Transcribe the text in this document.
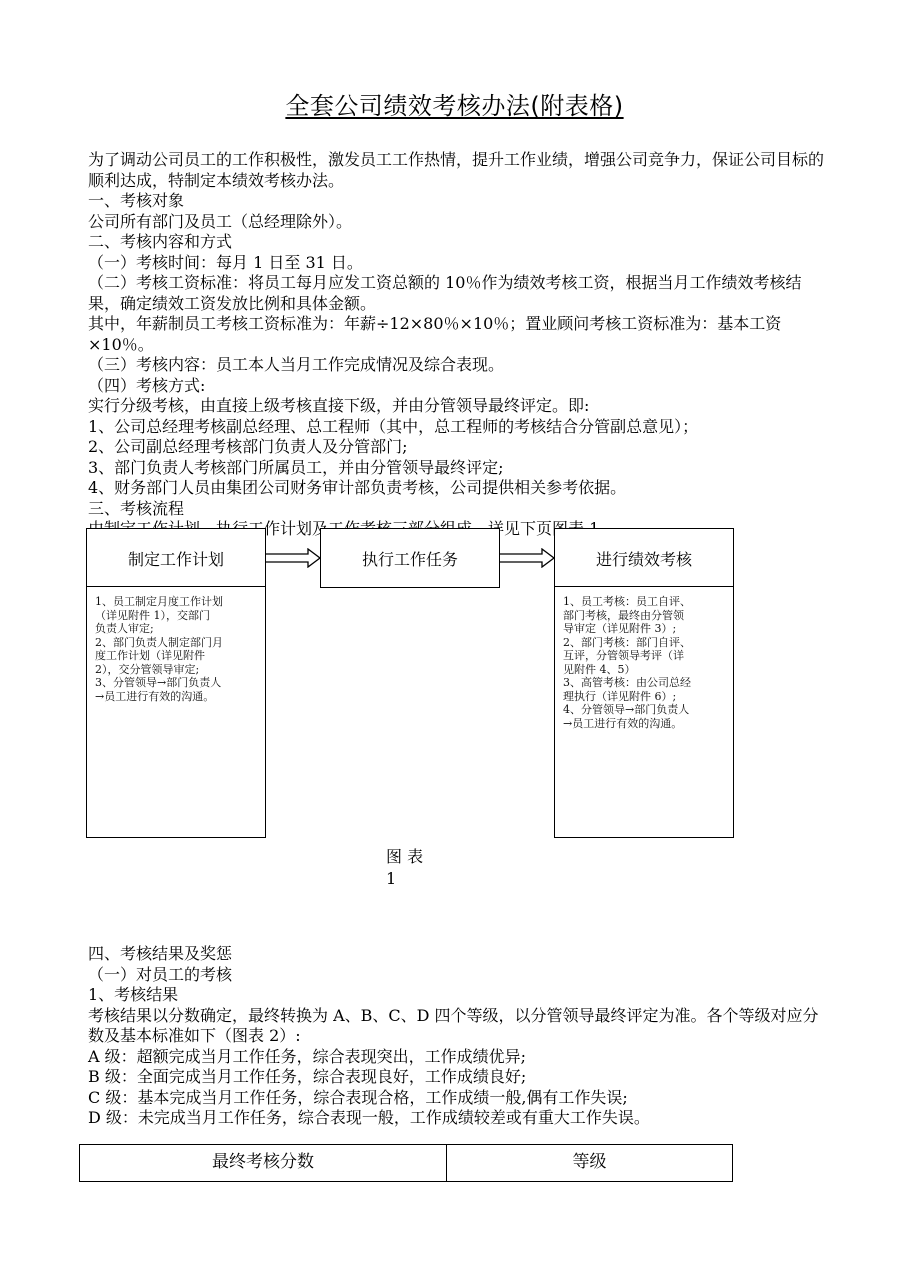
全套公司绩效考核办法(附表格)

为了调动公司员工的工作积极性，激发员工工作热情，提升工作业绩，增强公司竞争力，保证公司目标的顺利达成，特制定本绩效考核办法。

一、考核对象

公司所有部门及员工（总经理除外）。

二、考核内容和方式

（一）考核时间：每月 1 日至 31 日。

（二）考核工资标准：将员工每月应发工资总额的 10％作为绩效考核工资，根据当月工作绩效考核结果，确定绩效工资发放比例和具体金额。

其中，年薪制员工考核工资标准为：年薪÷12×80％×10％；置业顾问考核工资标准为：基本工资×10％。

（三）考核内容：员工本人当月工作完成情况及综合表现。

（四）考核方式:

实行分级考核，由直接上级考核直接下级，并由分管领导最终评定。即:

1、公司总经理考核副总经理、总工程师（其中，总工程师的考核结合分管副总意见）；

2、公司副总经理考核部门负责人及分管部门;

3、部门负责人考核部门所属员工，并由分管领导最终评定;

4、财务部门人员由集团公司财务审计部负责考核，公司提供相关参考依据。

三、考核流程

制定工作计划

1、员工制定月度工作计划

（详见附件 1），交部门

负责人审定;

2、部门负责人制定部门月

度工作计划（详见附件

2），交分管领导审定;

3、分管领导→部门负责人

→员工进行有效的沟通。

执行工作任务	进行绩效考核

1、员工考核：员工自评、

部门考核，最终由分管领

导审定（详见附件 3）;

2、部门考核：部门自评、

互评，分管领导考评（详

见附件 4、5）

3、高管考核：由公司总经

理执行（详见附件 6）;

4、分管领导→部门负责人

→员工进行有效的沟通。

图 表
1

四、考核结果及奖惩

（一）对员工的考核

1、考核结果

考核结果以分数确定，最终转换为 A、B、C、D 四个等级，以分管领导最终评定为准。各个等级对应分数及基本标准如下（图表 2）:

A 级：超额完成当月工作任务，综合表现突出，工作成绩优异;

B 级：全面完成当月工作任务，综合表现良好，工作成绩良好;

C 级：基本完成当月工作任务，综合表现合格，工作成绩一般,偶有工作失误;

D 级：未完成当月工作任务，综合表现一般，工作成绩较差或有重大工作失误。

最终考核分数	等级
